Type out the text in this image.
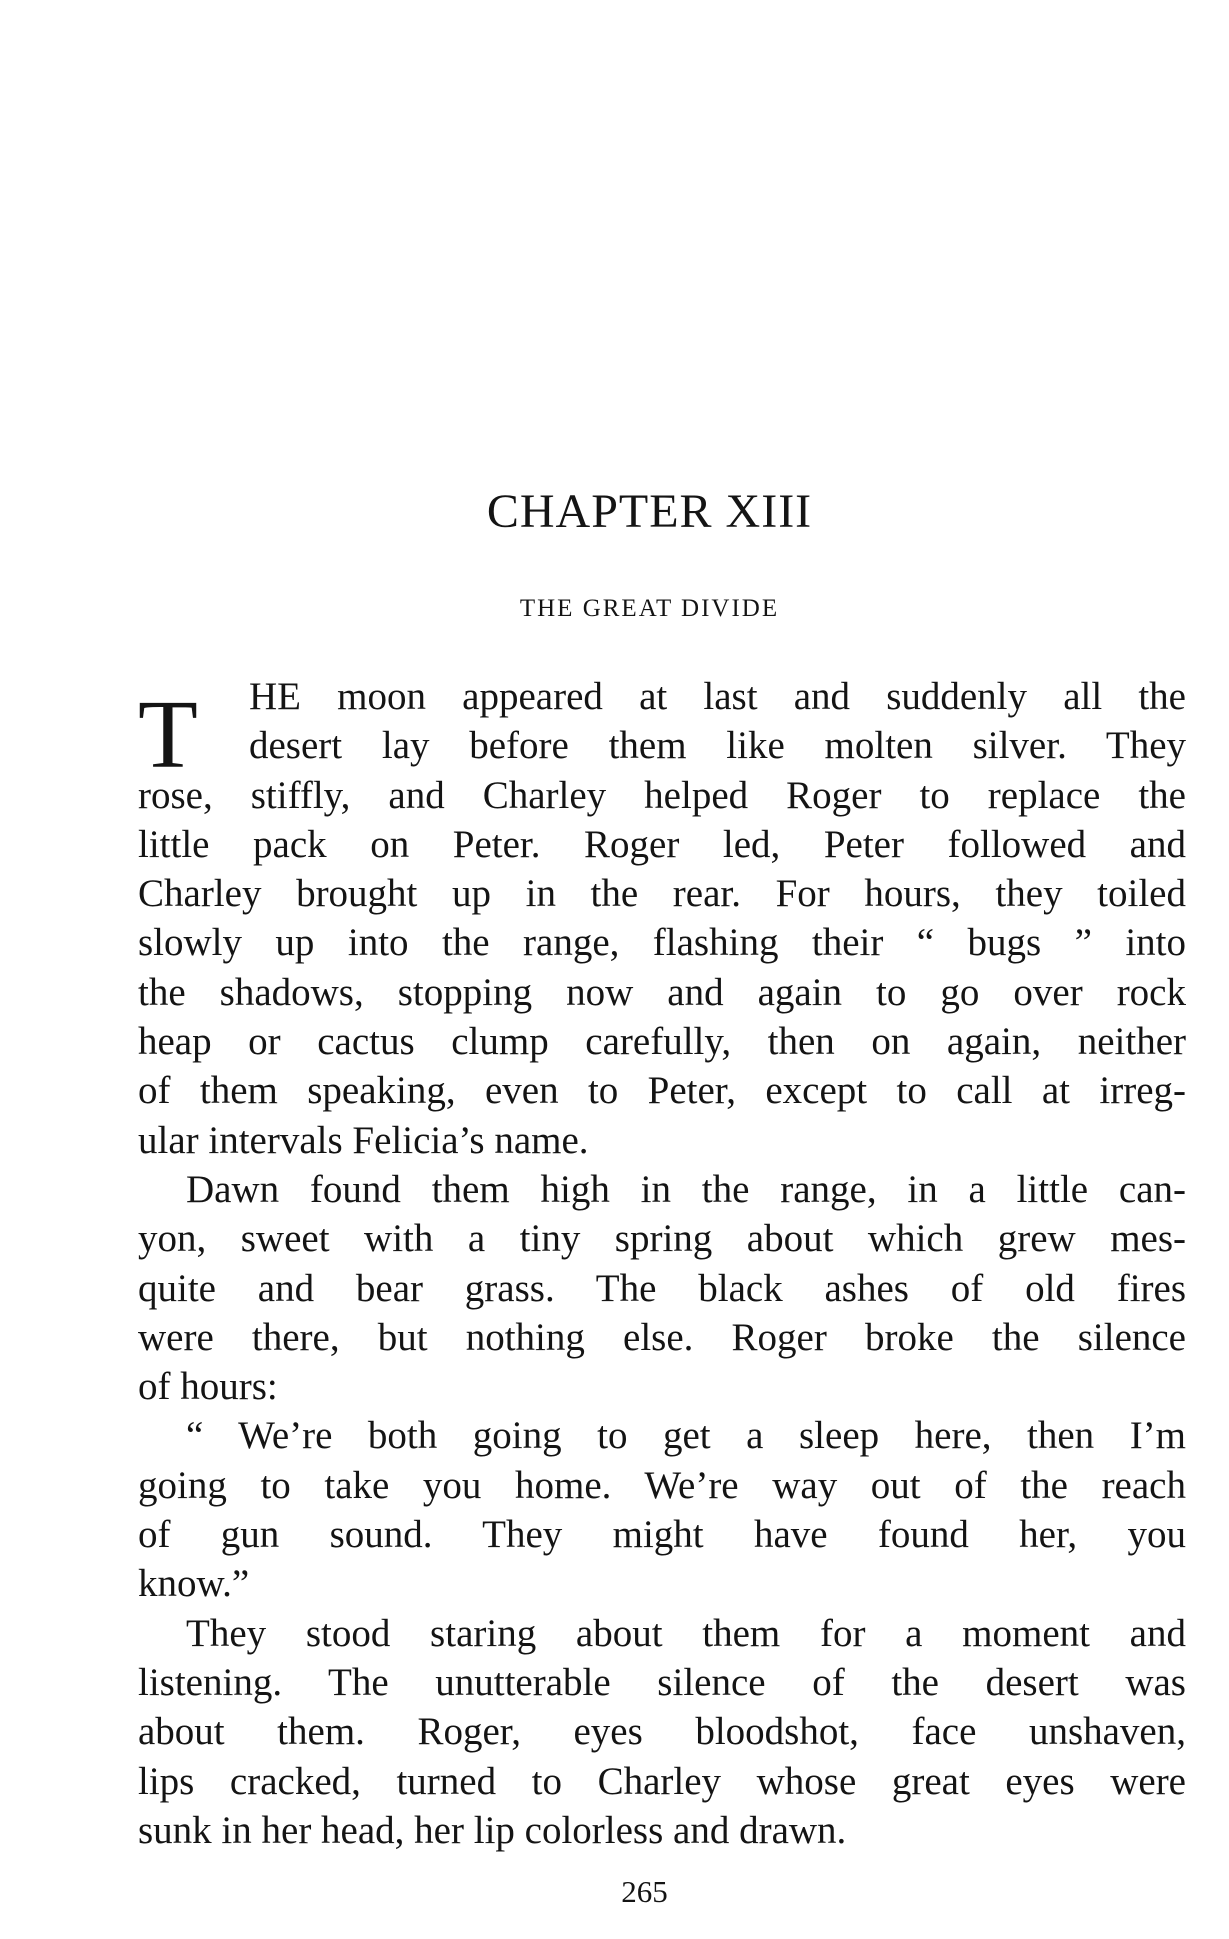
CHAPTER XIII
THE GREAT DIVIDE
T	HE moon appeared at last and suddenly all the
desert lay before them like molten silver. They
rose, stiffly, and Charley helped Roger to replace the
little pack on Peter. Roger led, Peter followed and
Charley brought up in the rear. For hours, they toiled
slowly up into the range, flashing their “ bugs ” into
the shadows, stopping now and again to go over rock
heap or cactus clump carefully, then on again, neither
of them speaking, even to Peter, except to call at irreg-
ular intervals Felicia’s name.
Dawn found them high in the range, in a little can-
yon, sweet with a tiny spring about which grew mes-
quite and bear grass. The black ashes of old fires
were there, but nothing else. Roger broke the silence
of hours:
“ We’re both going to get a sleep here, then I’m
going to take you home. We’re way out of the reach
of gun sound. They might have found her, you
know.”
They stood staring about them for a moment and
listening. The unutterable silence of the desert was
about them. Roger, eyes bloodshot, face unshaven,
lips cracked, turned to Charley whose great eyes were
sunk in her head, her lip colorless and drawn.
265
